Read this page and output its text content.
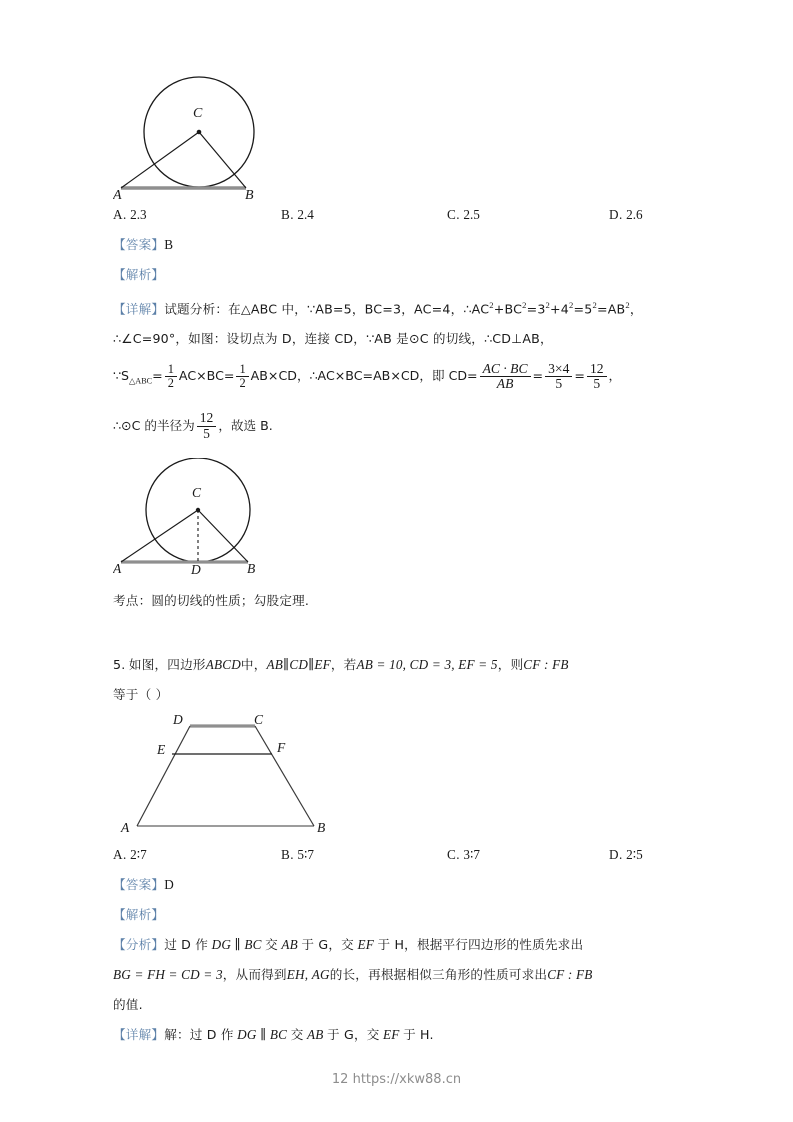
C
A	B
A. 2.3	B. 2.4	C. 2.5	D. 2.6
【答案】B
【解析】
【详解】试题分析：在△ABC 中，∵AB=5，BC=3，AC=4，$\therefore AC^2+BC^2=3^2+4^2=5^2=AB^2$，
∴∠C=90°，如图：设切点为 D，连接 CD，∵AB 是⊙C 的切线，∴CD⊥AB，
$\because S_{\triangle ABC}= \frac{1}{2} AC\times BC= \frac{1}{2} AB\times CD$，∴AC×BC=AB×CD，即 $CD= \frac{AC \cdot BC}{AB} = \frac{3\times 4}{5} = \frac{12}{5}$ ，
∴⊙C 的半径为 $\frac{12}{5}$ ，故选 B.
C
A	D	B
考点：圆的切线的性质；勾股定理.
5. 如图，四边形ABCD中，AB∥CD∥EF，若AB = 10, CD = 3, EF = 5，则CF : FB
等于（ ）
D	C
E	F
A	B
A. 2∶7	B. 5∶7	C. 3∶7	D. 2∶5
【答案】D
【解析】
【分析】过 D 作 DG ∥ BC 交 AB 于 G，交 EF 于 H，根据平行四边形的性质先求出
BG = FH = CD = 3，从而得到EH, AG的长，再根据相似三角形的性质可求出CF : FB
的值.
【详解】解：过 D 作 DG ∥ BC 交 AB 于 G，交 EF 于 H.
12 https://xkw88.cn
